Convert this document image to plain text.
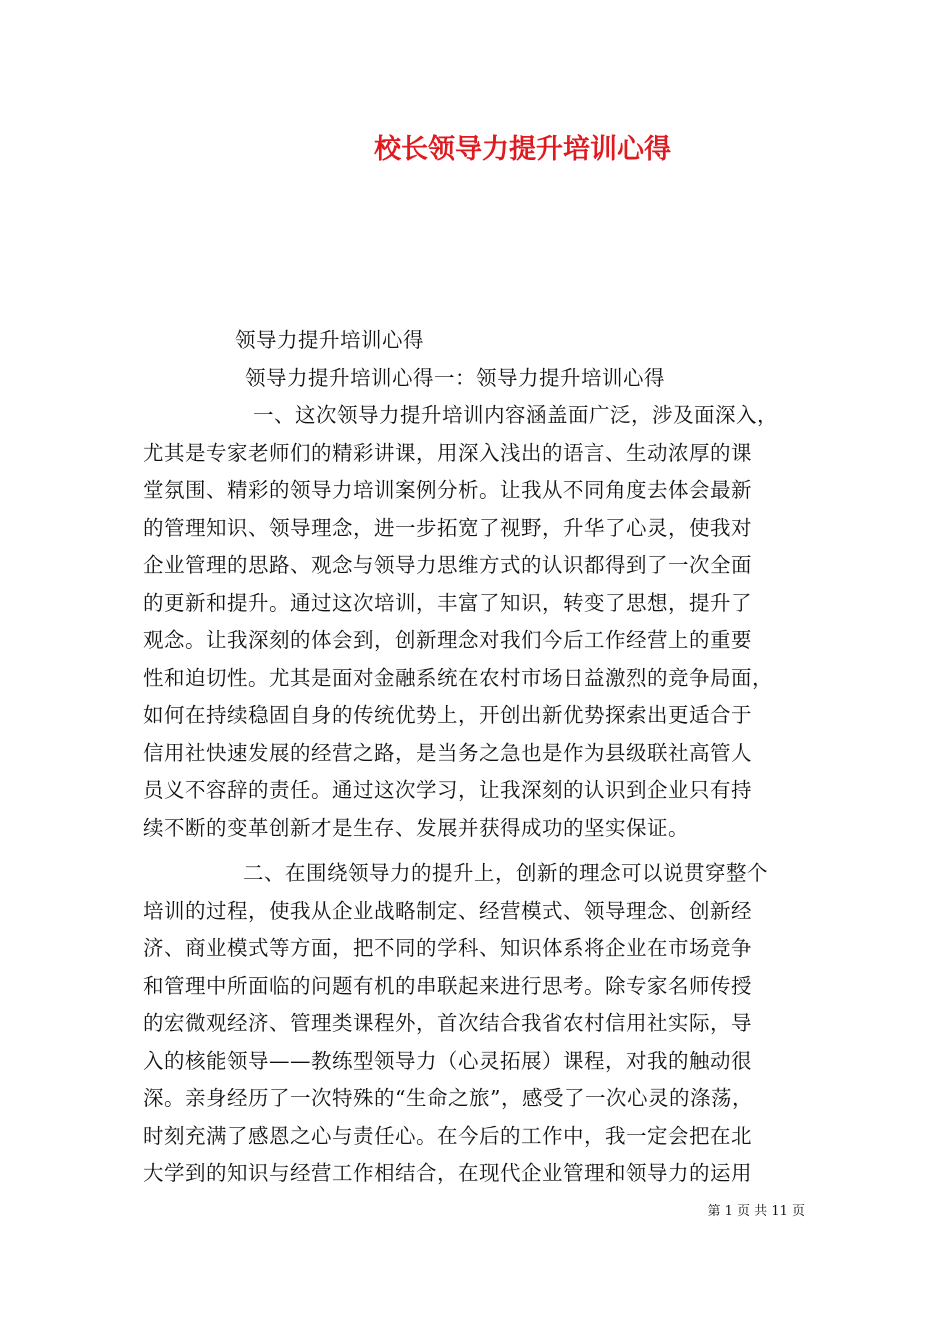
校长领导力提升培训心得
领导力提升培训心得
领导力提升培训心得一：领导力提升培训心得
一、这次领导力提升培训内容涵盖面广泛，涉及面深入，
尤其是专家老师们的精彩讲课，用深入浅出的语言、生动浓厚的课
堂氛围、精彩的领导力培训案例分析。让我从不同角度去体会最新
的管理知识、领导理念，进一步拓宽了视野，升华了心灵，使我对
企业管理的思路、观念与领导力思维方式的认识都得到了一次全面
的更新和提升。通过这次培训，丰富了知识，转变了思想，提升了
观念。让我深刻的体会到，创新理念对我们今后工作经营上的重要
性和迫切性。尤其是面对金融系统在农村市场日益激烈的竞争局面，
如何在持续稳固自身的传统优势上，开创出新优势探索出更适合于
信用社快速发展的经营之路，是当务之急也是作为县级联社高管人
员义不容辞的责任。通过这次学习，让我深刻的认识到企业只有持
续不断的变革创新才是生存、发展并获得成功的坚实保证。
二、在围绕领导力的提升上，创新的理念可以说贯穿整个
培训的过程，使我从企业战略制定、经营模式、领导理念、创新经
济、商业模式等方面，把不同的学科、知识体系将企业在市场竞争
和管理中所面临的问题有机的串联起来进行思考。除专家名师传授
的宏微观经济、管理类课程外，首次结合我省农村信用社实际，导
入的核能领导——教练型领导力（心灵拓展）课程，对我的触动很
深。亲身经历了一次特殊的“生命之旅”，感受了一次心灵的涤荡，
时刻充满了感恩之心与责任心。在今后的工作中，我一定会把在北
大学到的知识与经营工作相结合，在现代企业管理和领导力的运用
第 1 页 共 11 页
